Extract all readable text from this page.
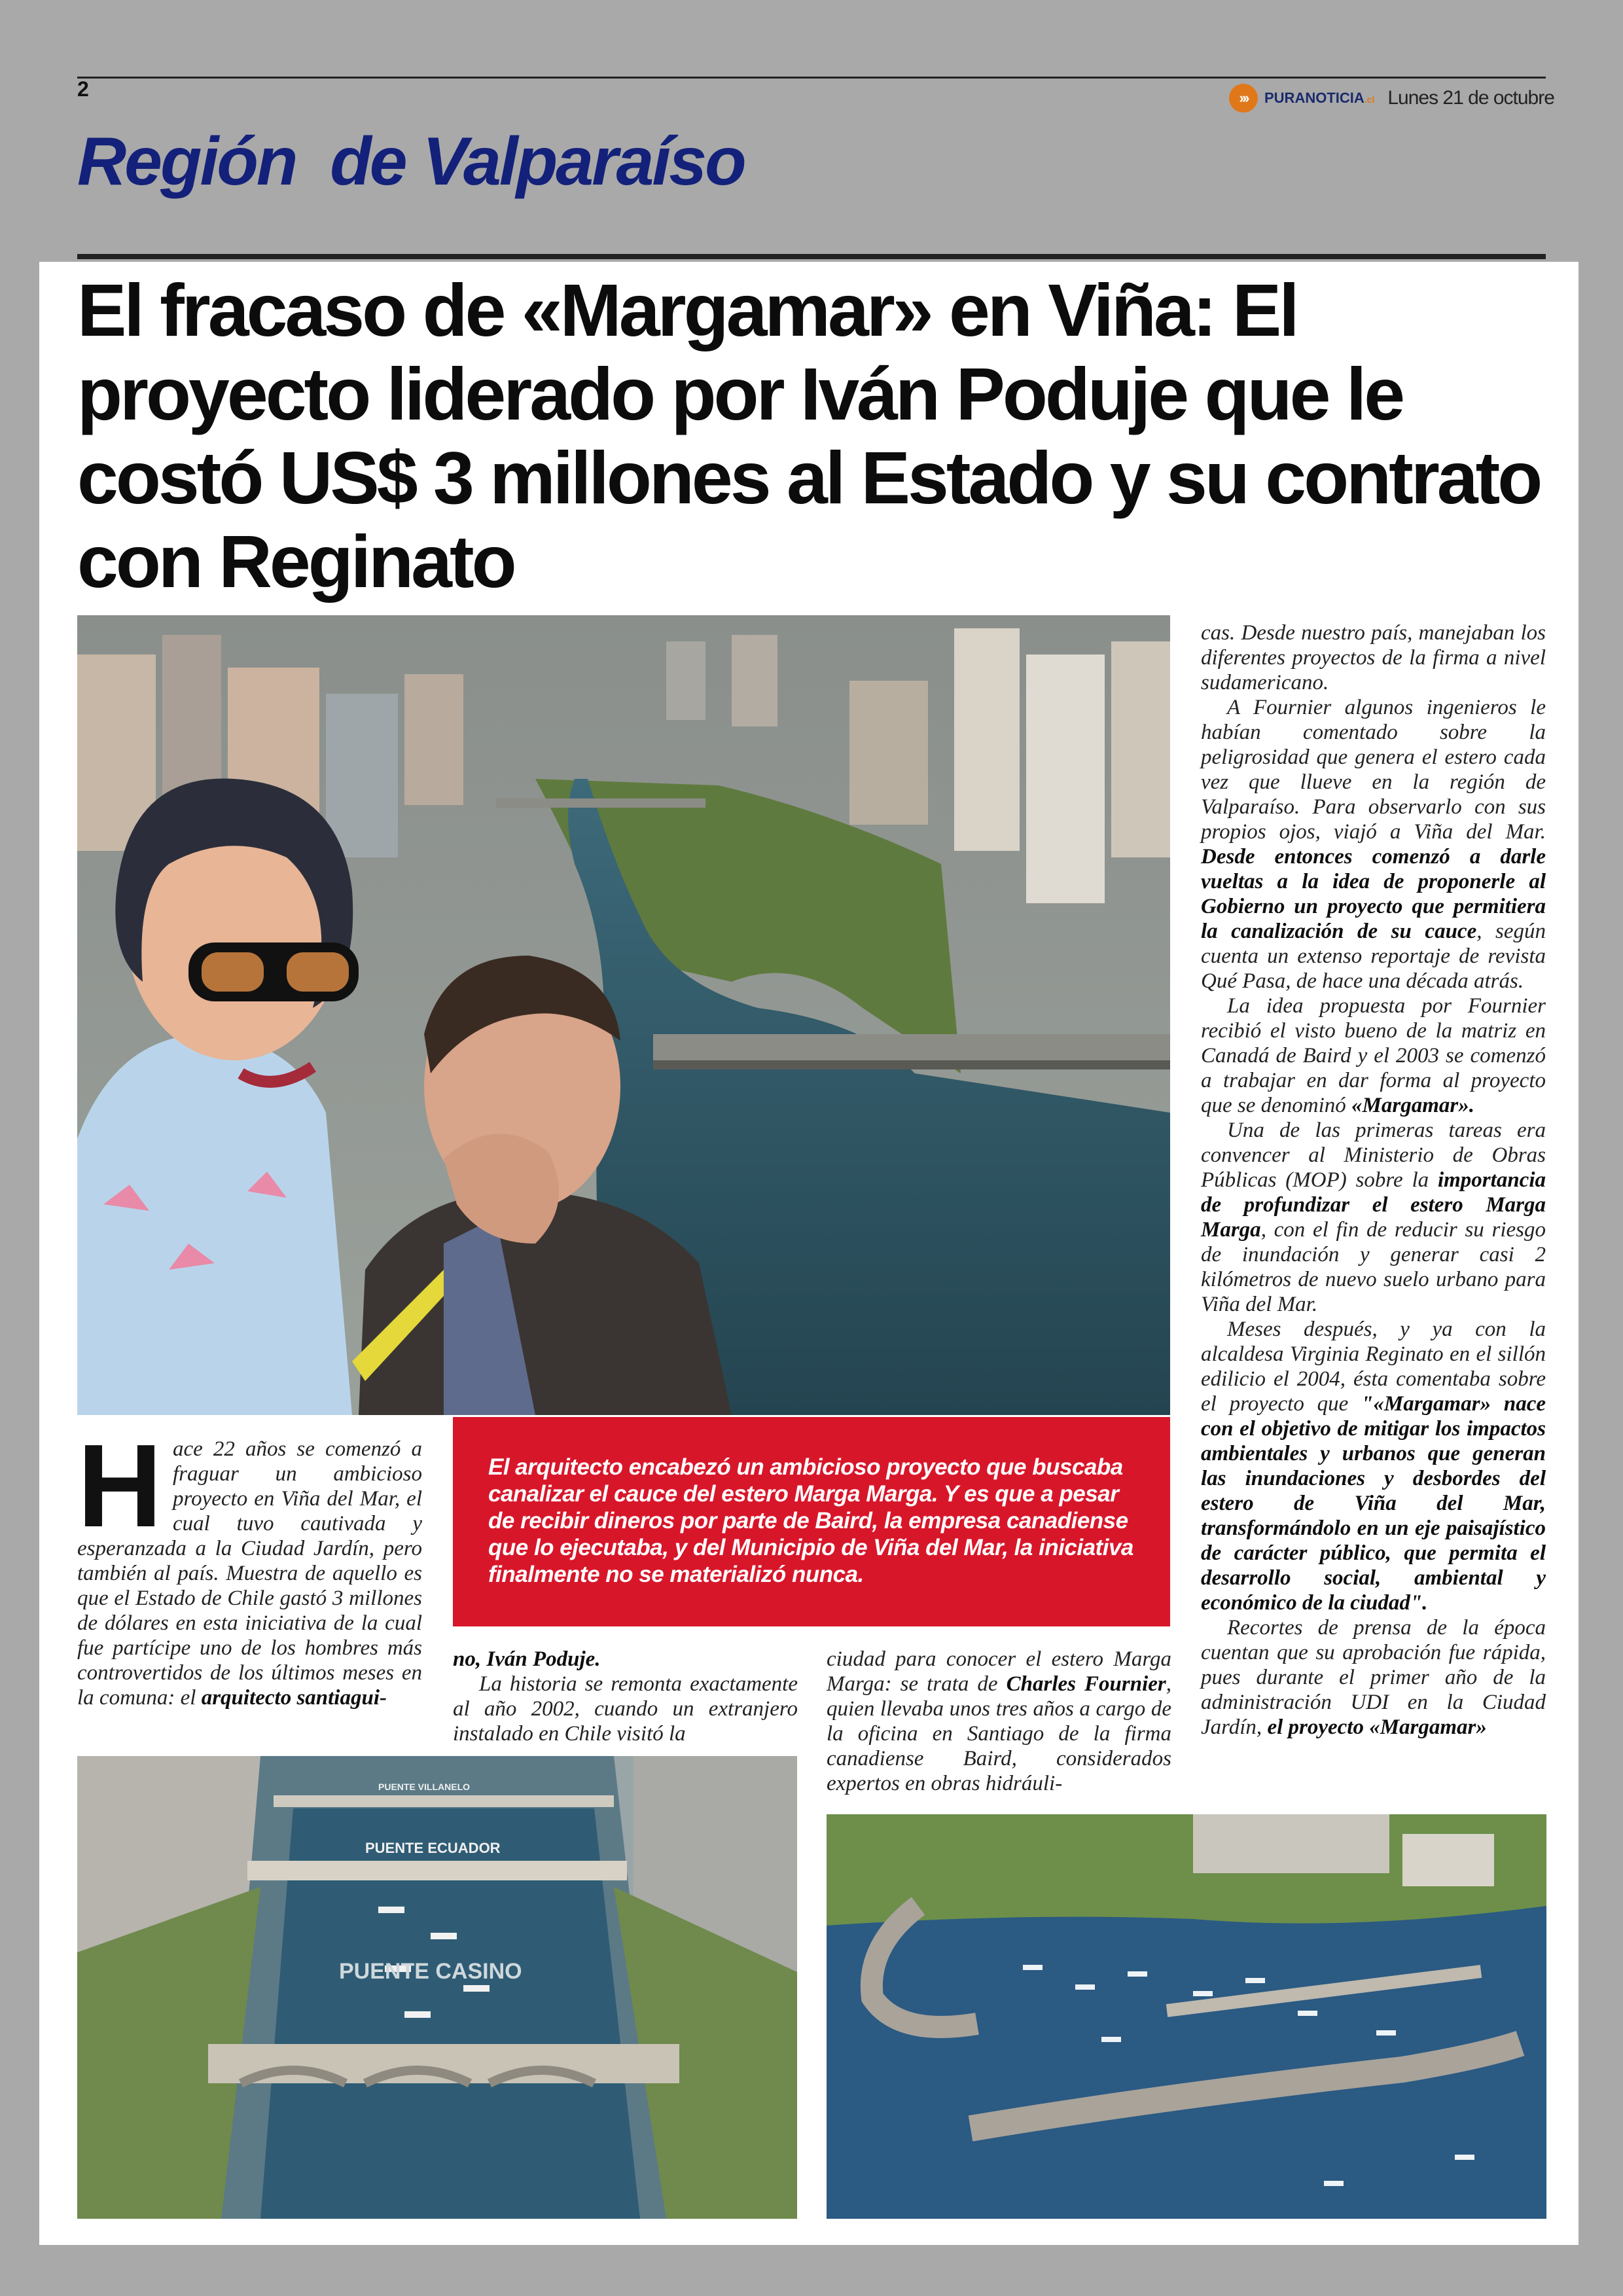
2	›››	PURANOTICIA.cl Lunes 21 de octubre
Región  de Valparaíso
El fracaso de «Margamar» en Viña: El proyecto liderado por Iván Poduje que le costó US$ 3 millones al Estado y su contrato con Reginato

cas. Desde nuestro país, manejaban los diferentes proyectos de la firma a nivel sudamericano.

A Fournier algunos ingenieros le habían comentado sobre la peligrosidad que genera el estero cada vez que llueve en la región de Valparaíso. Para observarlo con sus propios ojos, viajó a Viña del Mar. Desde entonces comenzó a darle vueltas a la idea de proponerle al Gobierno un proyecto que permitiera la canalización de su cauce, según cuenta un extenso reportaje de revista Qué Pasa, de hace una década atrás.

La idea propuesta por Fournier recibió el visto bueno de la matriz en Canadá de Baird y el 2003 se comenzó a trabajar en dar forma al proyecto que se denominó «Margamar».

Una de las primeras tareas era convencer al Ministerio de Obras Públicas (MOP) sobre la importancia de profundizar el estero Marga Marga, con el fin de reducir su riesgo de inundación y generar casi 2 kilómetros de nuevo suelo urbano para Viña del Mar.

Meses después, y ya con la alcaldesa Virginia Reginato en el sillón edilicio el 2004, ésta comentaba sobre el proyecto que "«Margamar» nace con el objetivo de mitigar los impactos ambientales y urbanos que generan las inundaciones y desbordes del estero de Viña del Mar, transformándolo en un eje paisajístico de carácter público, que permita el desarrollo social, ambiental y económico de la ciudad".

Recortes de prensa de la época cuentan que su aprobación fue rápida, pues durante el primer año de la administración UDI en la Ciudad Jardín, el proyecto «Margamar»

H ace 22 años se comenzó a fraguar un ambicioso proyecto en Viña del Mar, el cual tuvo cautivada y esperanzada a la Ciudad Jardín, pero también al país. Muestra de aquello es que el Estado de Chile gastó 3 millones de dólares en esta iniciativa de la cual fue partícipe uno de los hombres más controvertidos de los últimos meses en la comuna: el arquitecto santiagui-

El arquitecto encabezó un ambicioso proyecto que buscaba canalizar el cauce del estero Marga Marga. Y es que a pesar de recibir dineros por parte de Baird, la empresa canadiense que lo ejecutaba, y del Municipio de Viña del Mar, la iniciativa finalmente no se materializó nunca.

no, Iván Poduje.

La historia se remonta exactamente al año 2002, cuando un extranjero instalado en Chile visitó la

ciudad para conocer el estero Marga Marga: se trata de Charles Fournier, quien llevaba unos tres años a cargo de la oficina en Santiago de la firma canadiense Baird, considerados expertos en obras hidráuli-

PUENTE VILLANELO
PUENTE ECUADOR
PUENTE CASINO
